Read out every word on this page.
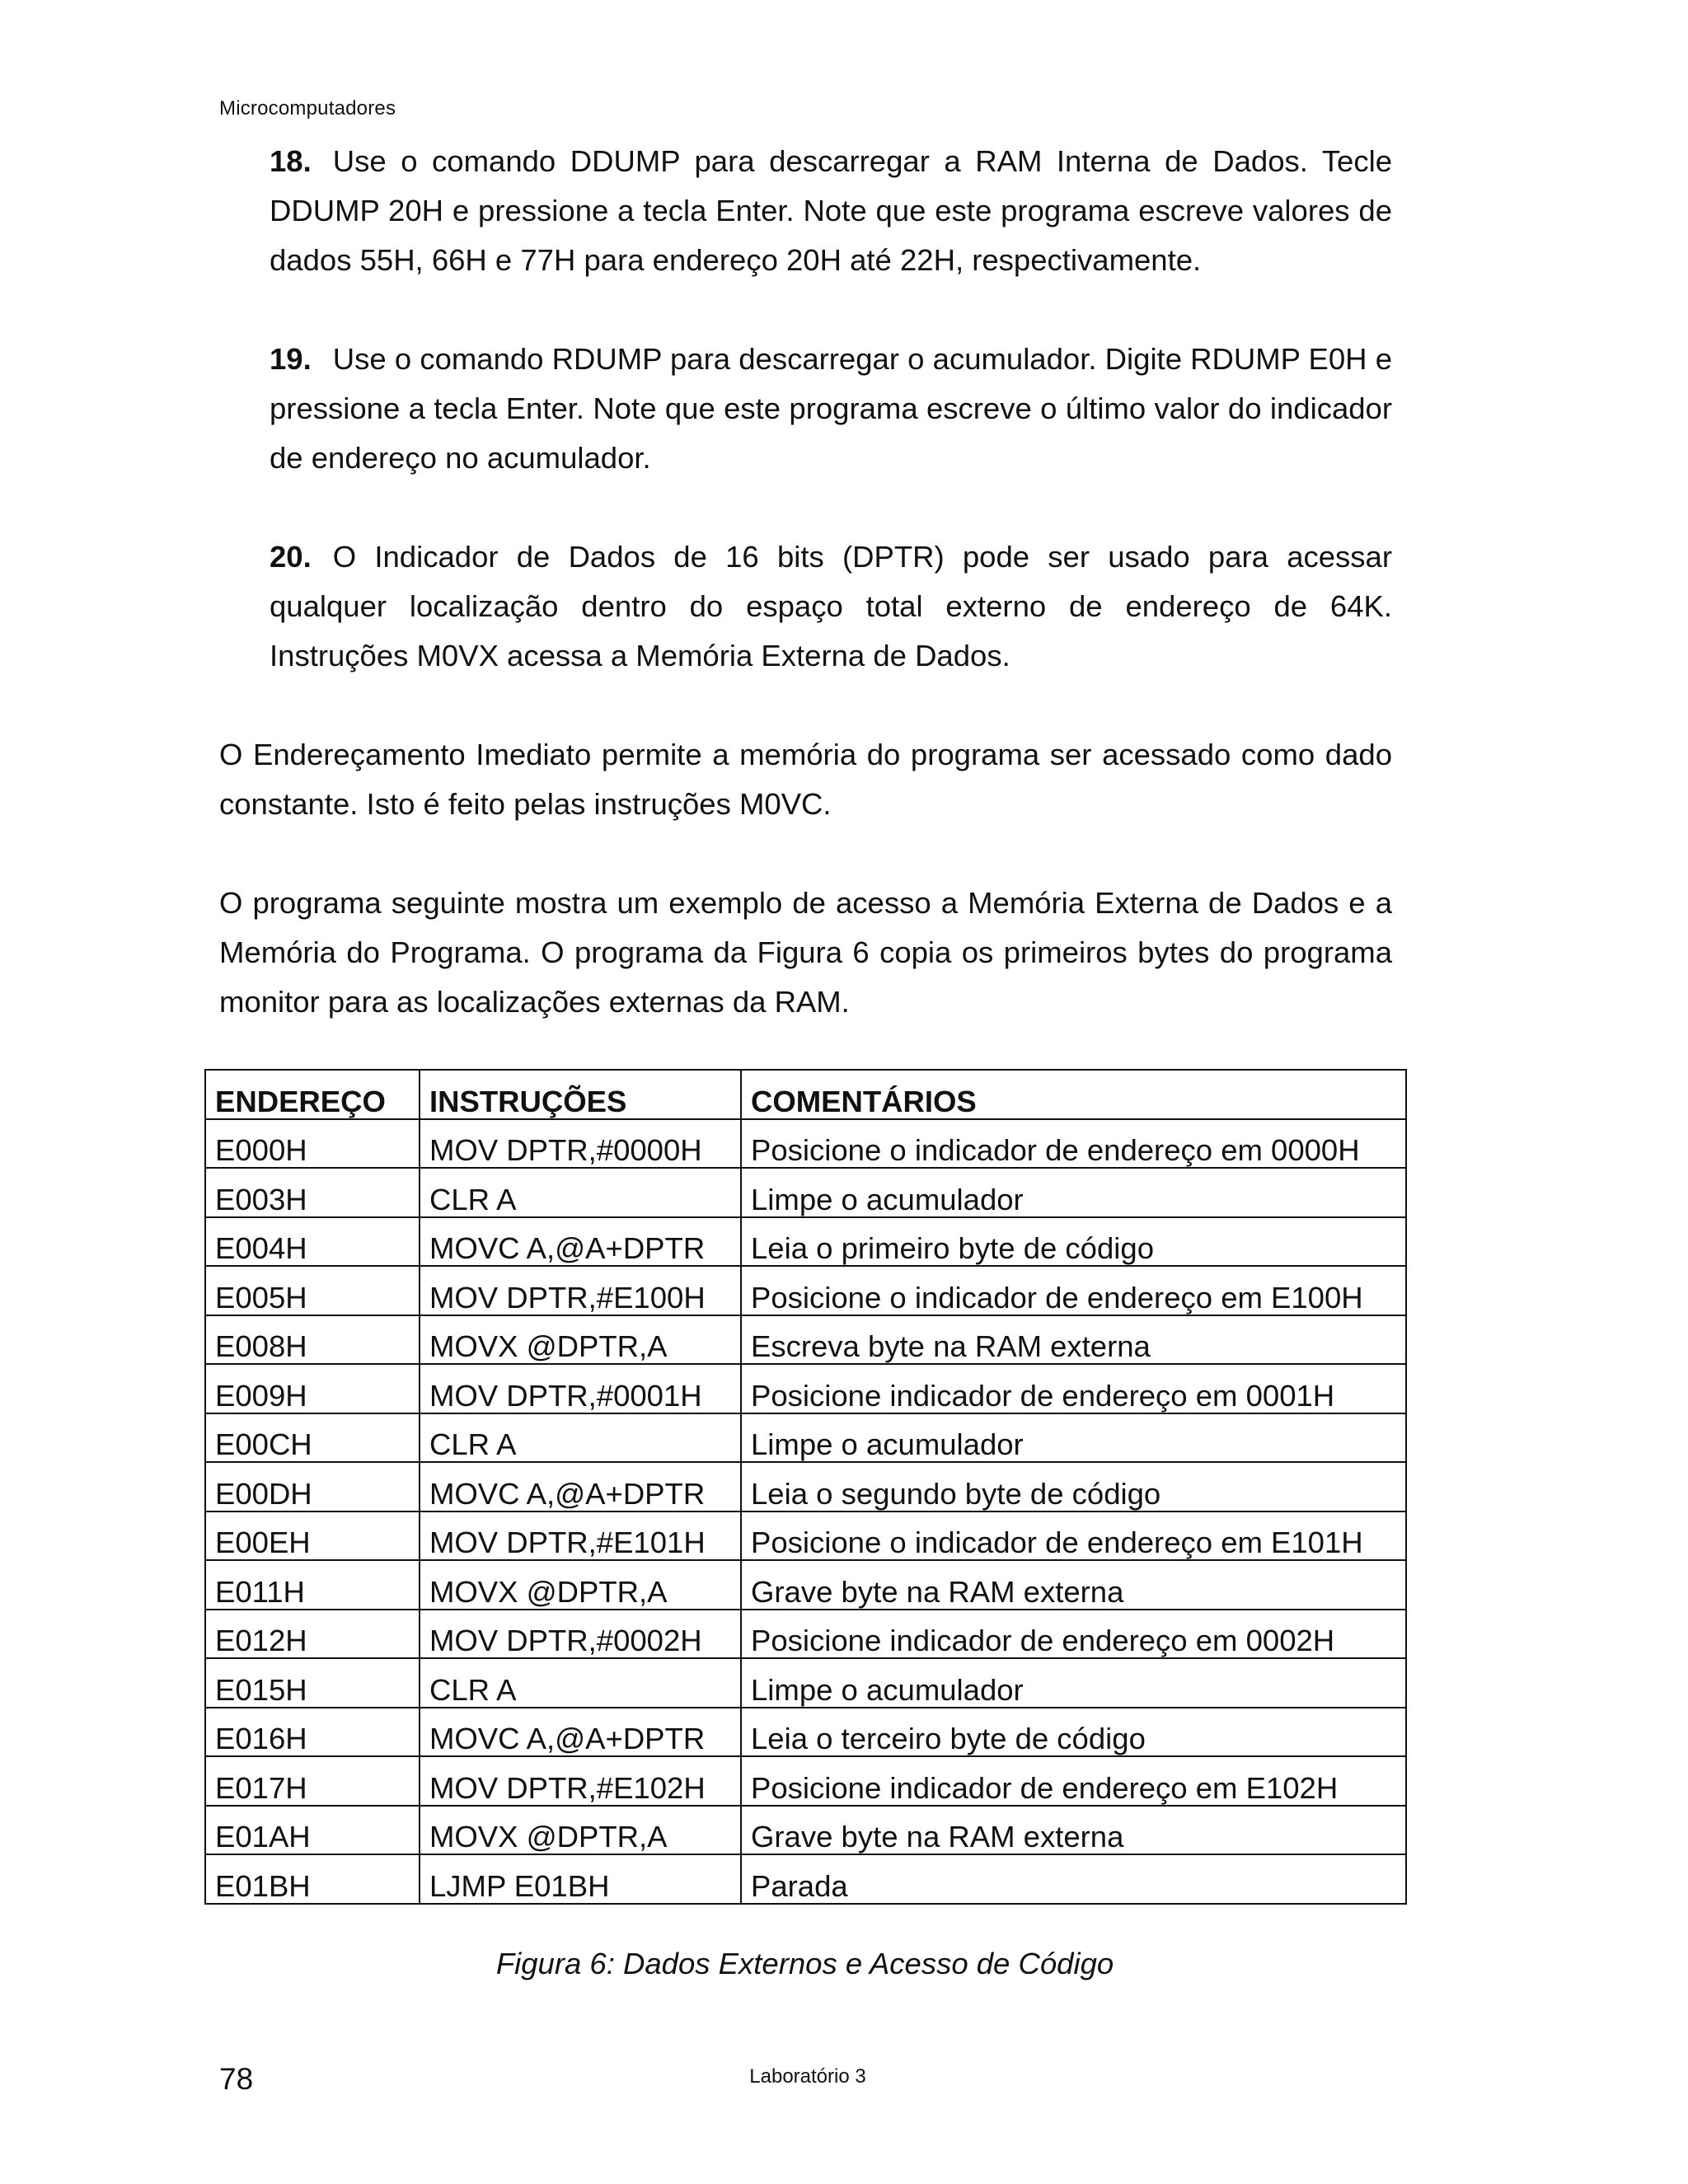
Microcomputadores
18. Use o comando DDUMP para descarregar a RAM Interna de Dados. Tecle DDUMP 20H e pressione a tecla Enter. Note que este programa escreve valores de dados 55H, 66H e 77H para endereço 20H até 22H, respectivamente.
19. Use o comando RDUMP para descarregar o acumulador. Digite RDUMP E0H e pressione a tecla Enter. Note que este programa escreve o último valor do indicador de endereço no acumulador.
20. O Indicador de Dados de 16 bits (DPTR) pode ser usado para acessar qualquer localização dentro do espaço total externo de endereço de 64K. Instruções M0VX acessa a Memória Externa de Dados.

O Endereçamento Imediato permite a memória do programa ser acessado como dado constante. Isto é feito pelas instruções M0VC.

O programa seguinte mostra um exemplo de acesso a Memória Externa de Dados e a Memória do Programa. O programa da Figura 6 copia os primeiros bytes do programa monitor para as localizações externas da RAM.

ENDEREÇO	INSTRUÇÕES	COMENTÁRIOS
E000H	MOV DPTR,#0000H	Posicione o indicador de endereço em 0000H
E003H	CLR A	Limpe o acumulador
E004H	MOVC A,@A+DPTR	Leia o primeiro byte de código
E005H	MOV DPTR,#E100H	Posicione o indicador de endereço em E100H
E008H	MOVX @DPTR,A	Escreva byte na RAM externa
E009H	MOV DPTR,#0001H	Posicione indicador de endereço em 0001H
E00CH	CLR A	Limpe o acumulador
E00DH	MOVC A,@A+DPTR	Leia o segundo byte de código
E00EH	MOV DPTR,#E101H	Posicione o indicador de endereço em E101H
E011H	MOVX @DPTR,A	Grave byte na RAM externa
E012H	MOV DPTR,#0002H	Posicione indicador de endereço em 0002H
E015H	CLR A	Limpe o acumulador
E016H	MOVC A,@A+DPTR	Leia o terceiro byte de código
E017H	MOV DPTR,#E102H	Posicione indicador de endereço em E102H
E01AH	MOVX @DPTR,A	Grave byte na RAM externa
E01BH	LJMP E01BH	Parada
Figura 6: Dados Externos e Acesso de Código
78	Laboratório 3
